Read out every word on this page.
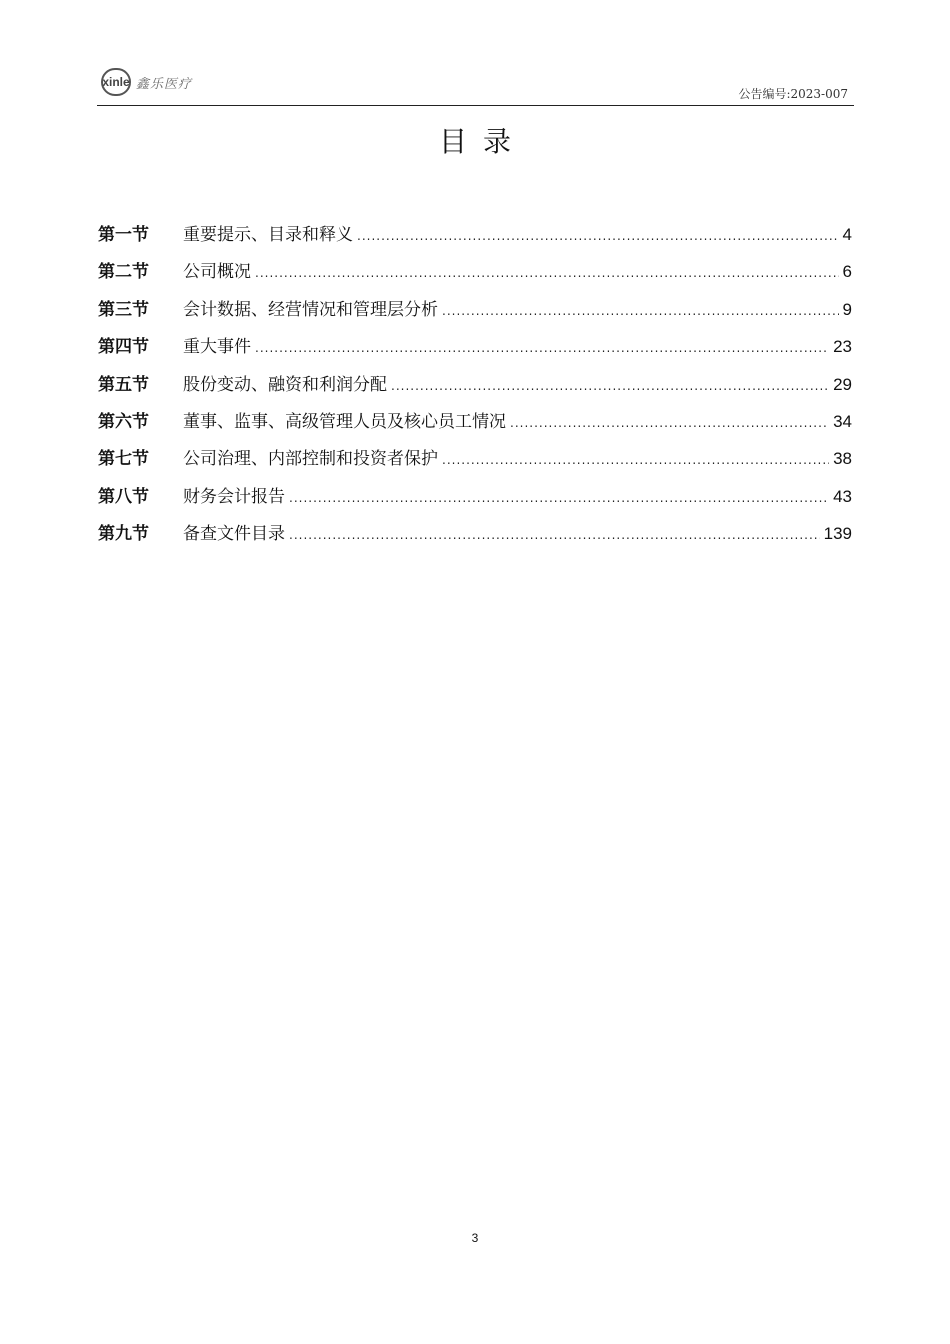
xinle 鑫乐医疗
公告编号:2023-007
目录
第一节	重要提示、目录和释义 .....	4
第二节	公司概况 .....	6
第三节	会计数据、经营情况和管理层分析 .....	9
第四节	重大事件 .....	23
第五节	股份变动、融资和利润分配 .....	29
第六节	董事、监事、高级管理人员及核心员工情况 .....	34
第七节	公司治理、内部控制和投资者保护 .....	38
第八节	财务会计报告 .....	43
第九节	备查文件目录 .....	139
3
